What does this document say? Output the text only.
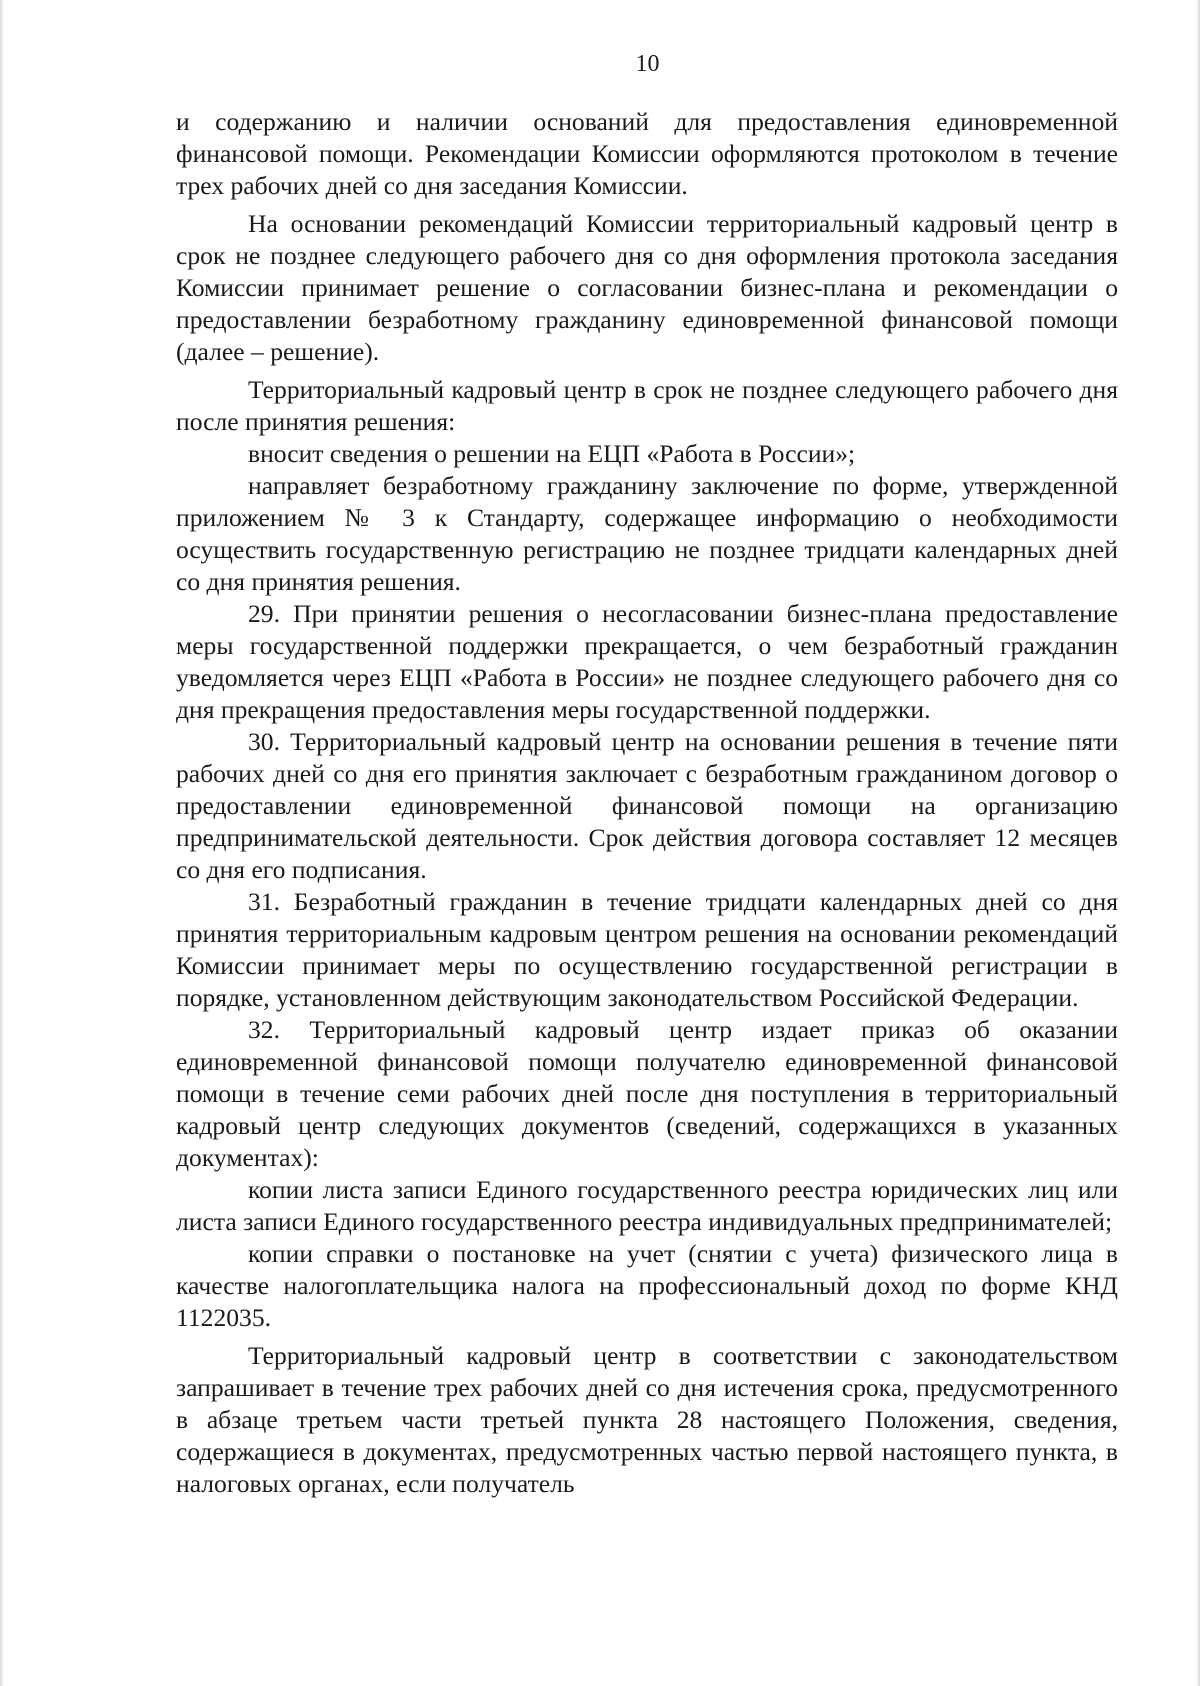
10

и содержанию и наличии оснований для предоставления единовременной финансовой помощи. Рекомендации Комиссии оформляются протоколом в течение трех рабочих дней со дня заседания Комиссии.

На основании рекомендаций Комиссии территориальный кадровый центр в срок не позднее следующего рабочего дня со дня оформления протокола заседания Комиссии принимает решение о согласовании бизнес-плана и рекомендации о предоставлении безработному гражданину единовременной финансовой помощи (далее – решение).

Территориальный кадровый центр в срок не позднее следующего рабочего дня после принятия решения:

вносит сведения о решении на ЕЦП «Работа в России»;

направляет безработному гражданину заключение по форме, утвержденной приложением № 3 к Стандарту, содержащее информацию о необходимости осуществить государственную регистрацию не позднее тридцати календарных дней со дня принятия решения.

29. При принятии решения о несогласовании бизнес-плана предоставление меры государственной поддержки прекращается, о чем безработный гражданин уведомляется через ЕЦП «Работа в России» не позднее следующего рабочего дня со дня прекращения предоставления меры государственной поддержки.

30. Территориальный кадровый центр на основании решения в течение пяти рабочих дней со дня его принятия заключает с безработным гражданином договор о предоставлении единовременной финансовой помощи на организацию предпринимательской деятельности. Срок действия договора составляет 12 месяцев со дня его подписания.

31. Безработный гражданин в течение тридцати календарных дней со дня принятия территориальным кадровым центром решения на основании рекомендаций Комиссии принимает меры по осуществлению государственной регистрации в порядке, установленном действующим законодательством Российской Федерации.

32. Территориальный кадровый центр издает приказ об оказании единовременной финансовой помощи получателю единовременной финансовой помощи в течение семи рабочих дней после дня поступления в территориальный кадровый центр следующих документов (сведений, содержащихся в указанных документах):

копии листа записи Единого государственного реестра юридических лиц или листа записи Единого государственного реестра индивидуальных предпринимателей;

копии справки о постановке на учет (снятии с учета) физического лица в качестве налогоплательщика налога на профессиональный доход по форме КНД 1122035.

Территориальный кадровый центр в соответствии с законодательством запрашивает в течение трех рабочих дней со дня истечения срока, предусмотренного в абзаце третьем части третьей пункта 28 настоящего Положения, сведения, содержащиеся в документах, предусмотренных частью первой настоящего пункта, в налоговых органах, если получатель
